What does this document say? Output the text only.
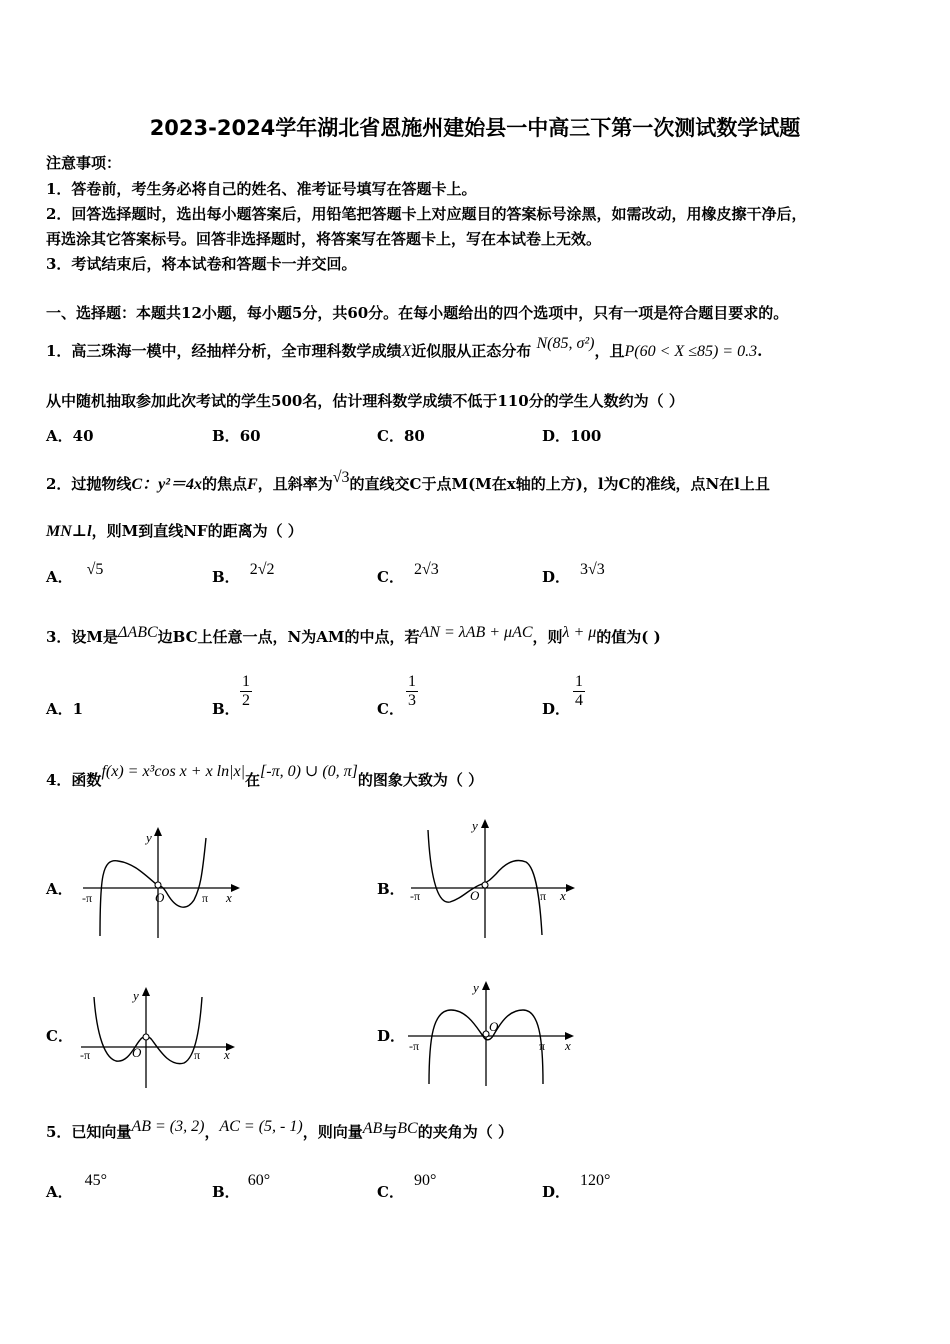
2023-2024学年湖北省恩施州建始县一中高三下第一次测试数学试题
注意事项：
1．答卷前，考生务必将自己的姓名、准考证号填写在答题卡上。
2．回答选择题时，选出每小题答案后，用铅笔把答题卡上对应题目的答案标号涂黑，如需改动，用橡皮擦干净后，
再选涂其它答案标号。回答非选择题时，将答案写在答题卡上，写在本试卷上无效。
3．考试结束后，将本试卷和答题卡一并交回。
一、选择题：本题共12小题，每小题5分，共60分。在每小题给出的四个选项中，只有一项是符合题目要求的。
1．高三珠海一模中，经抽样分析，全市理科数学成绩X近似服从正态分布 N(85, σ²)，且P(60 < X ≤85) = 0.3.
从中随机抽取参加此次考试的学生500名，估计理科数学成绩不低于110分的学生人数约为（ ）
A．40	B．60	C．80	D．100
2．过抛物线C：y²＝4x的焦点F，且斜率为√3的直线交C于点M(M在x轴的上方)，l为C的准线，点N在l上且
MN⊥l，则M到直线NF的距离为（ ）
A． √5	B． 2√2	C． 2√3	D． 3√3
3．设M是ΔABC边BC上任意一点，N为AM的中点，若AN = λAB + μAC，则λ + μ的值为( )
A．1	B． $\frac{1}{2}$	C． $\frac{1}{3}$	D． $\frac{1}{4}$
4．函数f(x) = x³cos x + x ln|x|在[-π, 0) ∪ (0, π]的图象大致为（ ）
A．	B．
C．	D．
y
x
O
-π	π
y
x
O
-π	π
y
x
O
-π	π
y
x
O
-π	π
5．已知向量AB = (3, 2)，AC = (5, - 1)，则向量AB与BC的夹角为（ ）
A．45°
B．60°
C．90°
D．120°
